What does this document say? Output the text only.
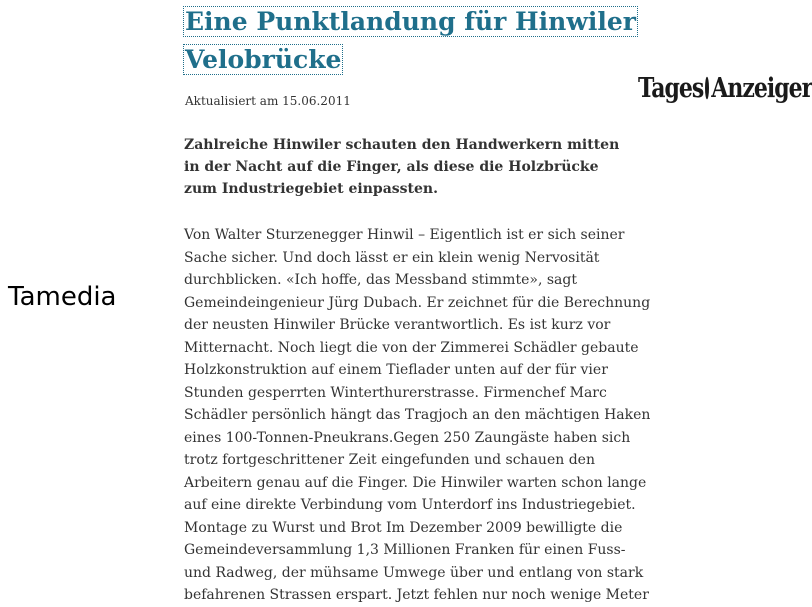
Eine Punktlandung für Hinwiler
Velobrücke
Tages Anzeiger

Aktualisiert am 15.06.2011

Zahlreiche Hinwiler schauten den Handwerkern mitten
in der Nacht auf die Finger, als diese die Holzbrücke
zum Industriegebiet einpassten.

Von Walter Sturzenegger Hinwil – Eigentlich ist er sich seiner
Sache sicher. Und doch lässt er ein klein wenig Nervosität
durchblicken. «Ich hoffe, das Messband stimmte», sagt
Gemeindeingenieur Jürg Dubach. Er zeichnet für die Berechnung
der neusten Hinwiler Brücke verantwortlich. Es ist kurz vor
Mitternacht. Noch liegt die von der Zimmerei Schädler gebaute
Holzkonstruktion auf einem Tieflader unten auf der für vier
Stunden gesperrten Winterthurerstrasse. Firmenchef Marc
Schädler persönlich hängt das Tragjoch an den mächtigen Haken
eines 100-Tonnen-Pneukrans.Gegen 250 Zaungäste haben sich
trotz fortgeschrittener Zeit eingefunden und schauen den
Arbeitern genau auf die Finger. Die Hinwiler warten schon lange
auf eine direkte Verbindung vom Unterdorf ins Industriegebiet.
Montage zu Wurst und Brot Im Dezember 2009 bewilligte die
Gemeindeversammlung 1,3 Millionen Franken für einen Fuss-
und Radweg, der mühsame Umwege über und entlang von stark
befahrenen Strassen erspart. Jetzt fehlen nur noch wenige Meter

Tamedia
